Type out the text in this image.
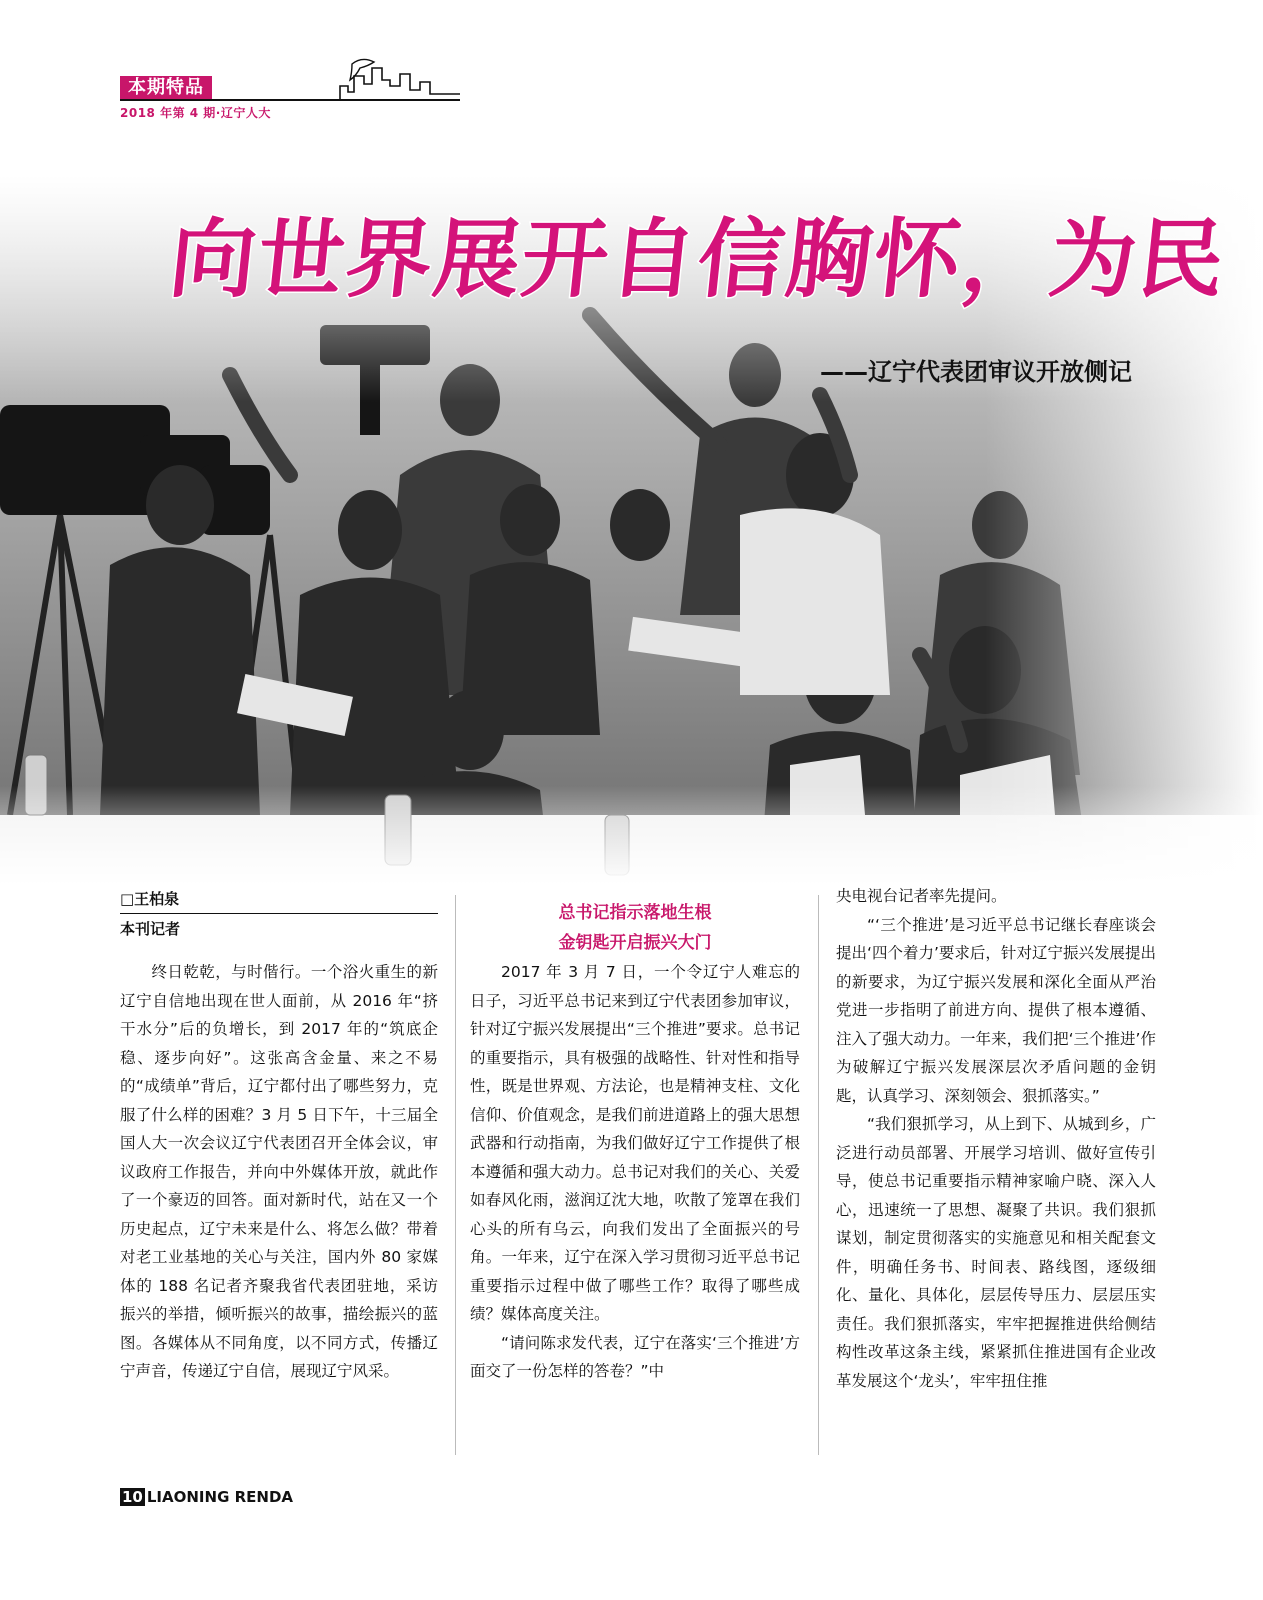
本期特品
2018 年第 4 期·辽宁人大
向世界展开自信胸怀，为民
——辽宁代表团审议开放侧记
□王柏泉
本刊记者
总书记指示落地生根
金钥匙开启振兴大门

终日乾乾，与时偕行。一个浴火重生的新辽宁自信地出现在世人面前，从 2016 年“挤干水分”后的负增长，到 2017 年的“筑底企稳、逐步向好”。这张高含金量、来之不易的“成绩单”背后，辽宁都付出了哪些努力，克服了什么样的困难？3 月 5 日下午，十三届全国人大一次会议辽宁代表团召开全体会议，审议政府工作报告，并向中外媒体开放，就此作了一个豪迈的回答。面对新时代，站在又一个历史起点，辽宁未来是什么、将怎么做？带着对老工业基地的关心与关注，国内外 80 家媒体的 188 名记者齐聚我省代表团驻地，采访振兴的举措，倾听振兴的故事，描绘振兴的蓝图。各媒体从不同角度，以不同方式，传播辽宁声音，传递辽宁自信，展现辽宁风采。

2017 年 3 月 7 日，一个令辽宁人难忘的日子，习近平总书记来到辽宁代表团参加审议，针对辽宁振兴发展提出“三个推进”要求。总书记的重要指示，具有极强的战略性、针对性和指导性，既是世界观、方法论，也是精神支柱、文化信仰、价值观念，是我们前进道路上的强大思想武器和行动指南，为我们做好辽宁工作提供了根本遵循和强大动力。总书记对我们的关心、关爱如春风化雨，滋润辽沈大地，吹散了笼罩在我们心头的所有乌云，向我们发出了全面振兴的号角。一年来，辽宁在深入学习贯彻习近平总书记重要指示过程中做了哪些工作？取得了哪些成绩？媒体高度关注。

“请问陈求发代表，辽宁在落实‘三个推进’方面交了一份怎样的答卷？”中

央电视台记者率先提问。

“‘三个推进’是习近平总书记继长春座谈会提出‘四个着力’要求后，针对辽宁振兴发展提出的新要求，为辽宁振兴发展和深化全面从严治党进一步指明了前进方向、提供了根本遵循、注入了强大动力。一年来，我们把‘三个推进’作为破解辽宁振兴发展深层次矛盾问题的金钥匙，认真学习、深刻领会、狠抓落实。”

“我们狠抓学习，从上到下、从城到乡，广泛进行动员部署、开展学习培训、做好宣传引导，使总书记重要指示精神家喻户晓、深入人心，迅速统一了思想、凝聚了共识。我们狠抓谋划，制定贯彻落实的实施意见和相关配套文件，明确任务书、时间表、路线图，逐级细化、量化、具体化，层层传导压力、层层压实责任。我们狠抓落实，牢牢把握推进供给侧结构性改革这条主线，紧紧抓住推进国有企业改革发展这个‘龙头’，牢牢扭住推

10 LIAONING RENDA
